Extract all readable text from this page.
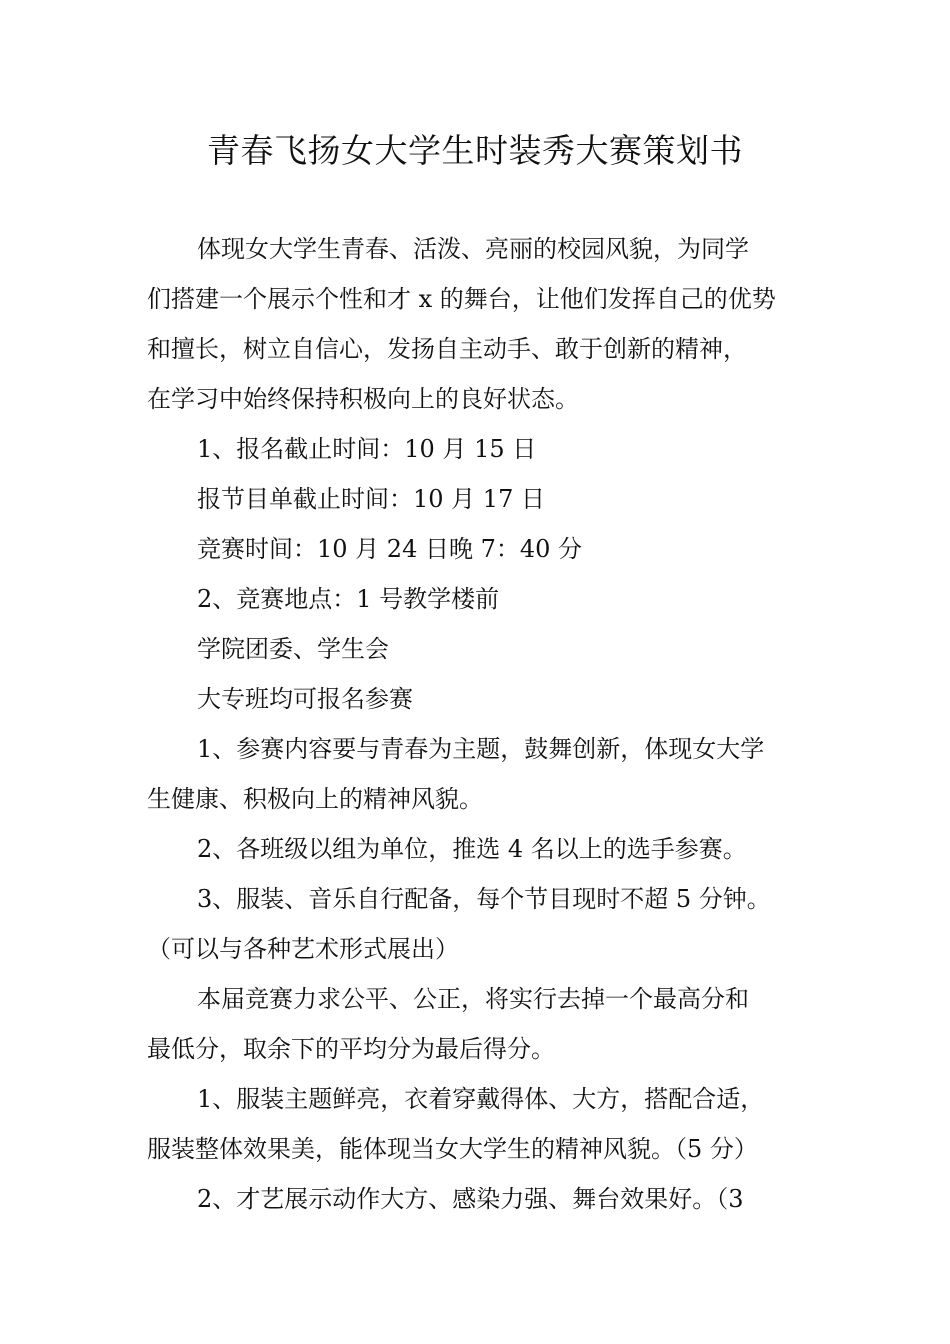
青春飞扬女大学生时装秀大赛策划书
体现女大学生青春、活泼、亮丽的校园风貌，为同学
们搭建一个展示个性和才 x 的舞台，让他们发挥自己的优势
和擅长，树立自信心，发扬自主动手、敢于创新的精神，
在学习中始终保持积极向上的良好状态。
1、报名截止时间：10 月 15 日
报节目单截止时间：10 月 17 日
竞赛时间：10 月 24 日晚 7：40 分
2、竞赛地点：1 号教学楼前
学院团委、学生会
大专班均可报名参赛
1、参赛内容要与青春为主题，鼓舞创新，体现女大学
生健康、积极向上的精神风貌。
2、各班级以组为单位，推选 4 名以上的选手参赛。
3、服装、音乐自行配备，每个节目现时不超 5 分钟。
（可以与各种艺术形式展出）
本届竞赛力求公平、公正，将实行去掉一个最高分和
最低分，取余下的平均分为最后得分。
1、服装主题鲜亮，衣着穿戴得体、大方，搭配合适，
服装整体效果美，能体现当女大学生的精神风貌。（5 分）
2、才艺展示动作大方、感染力强、舞台效果好。（3
